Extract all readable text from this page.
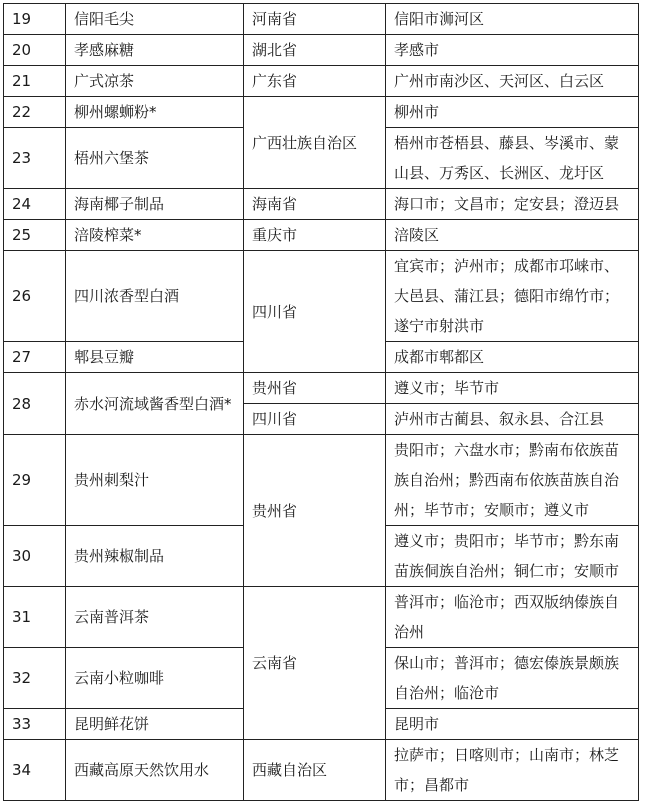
19	信阳毛尖	河南省	信阳市浉河区
20	孝感麻糖	湖北省	孝感市
21	广式凉茶	广东省	广州市南沙区、天河区、白云区
22	柳州螺蛳粉*	广西壮族自治区	柳州市
23	梧州六堡茶		梧州市苍梧县、藤县、岑溪市、蒙山县、万秀区、长洲区、龙圩区
24	海南椰子制品	海南省	海口市；文昌市；定安县；澄迈县
25	涪陵榨菜*	重庆市	涪陵区
26	四川浓香型白酒	四川省	宜宾市；泸州市；成都市邛崃市、大邑县、蒲江县；德阳市绵竹市；遂宁市射洪市
27	郫县豆瓣		成都市郫都区
28	赤水河流域酱香型白酒*	贵州省	遵义市；毕节市
		四川省	泸州市古蔺县、叙永县、合江县
29	贵州刺梨汁	贵州省	贵阳市；六盘水市；黔南布依族苗族自治州；黔西南布依族苗族自治州；毕节市；安顺市；遵义市
30	贵州辣椒制品		遵义市；贵阳市；毕节市；黔东南苗族侗族自治州；铜仁市；安顺市
31	云南普洱茶	云南省	普洱市；临沧市；西双版纳傣族自治州
32	云南小粒咖啡		保山市；普洱市；德宏傣族景颇族自治州；临沧市
33	昆明鲜花饼		昆明市
34	西藏高原天然饮用水	西藏自治区	拉萨市；日喀则市；山南市；林芝市；昌都市
